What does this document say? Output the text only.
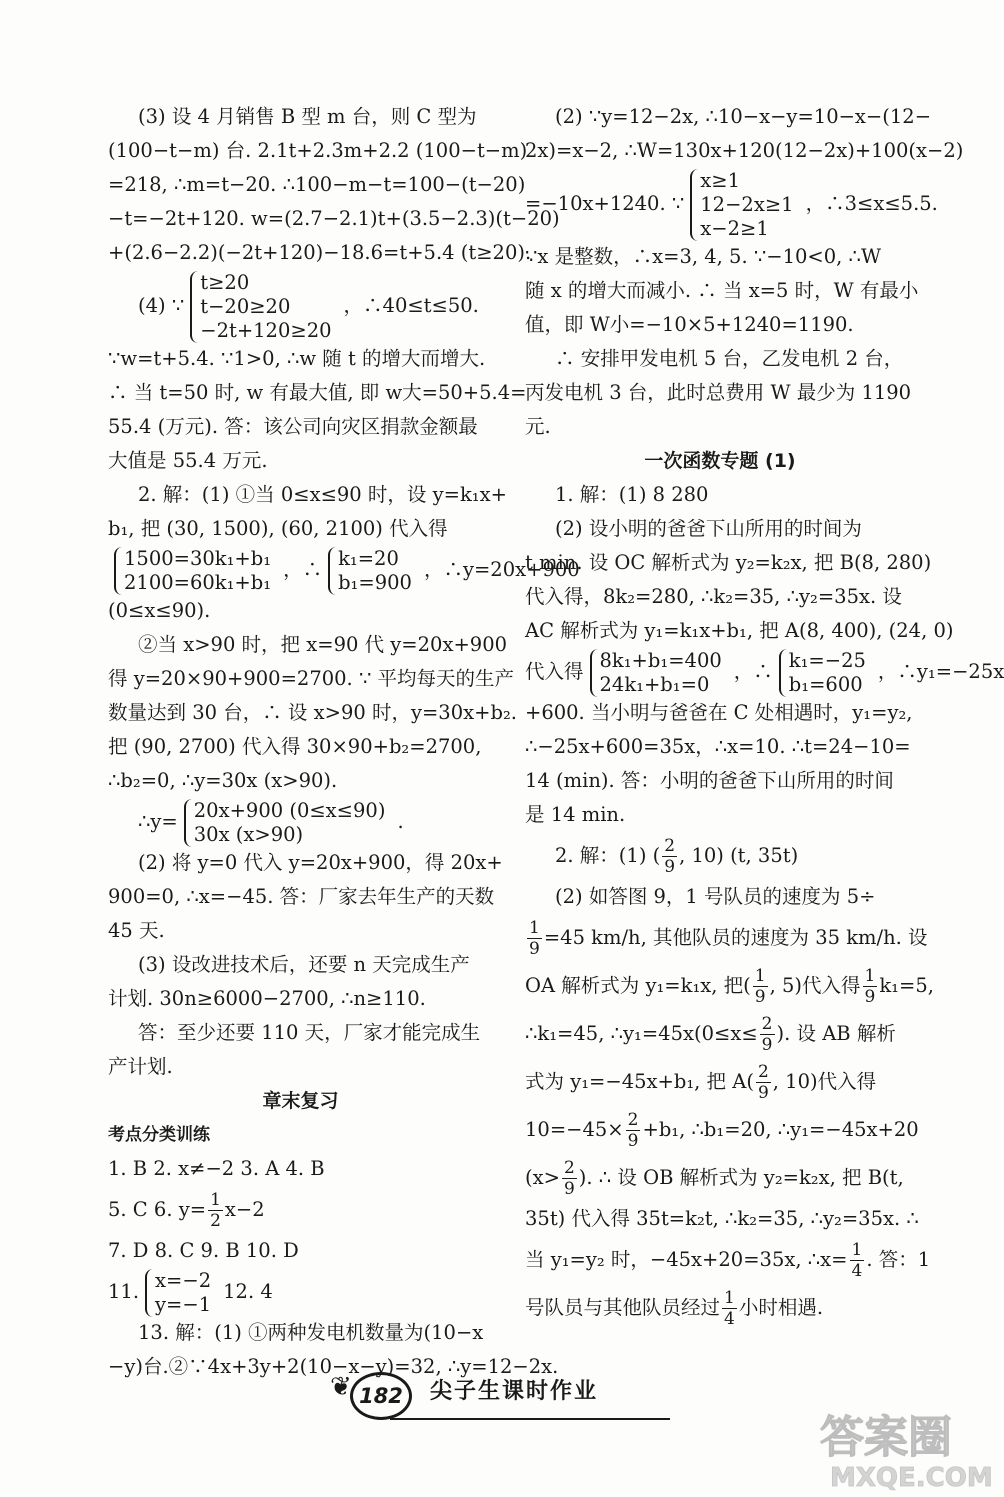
(3) 设 4 月销售 B 型 m 台，则 C 型为
(100−t−m) 台. 2.1t+2.3m+2.2 (100−t−m)
=218, ∴m=t−20. ∴100−m−t=100−(t−20)
−t=−2t+120. w=(2.7−2.1)t+(3.5−2.3)(t−20)
+(2.6−2.2)(−2t+120)−18.6=t+5.4 (t≥20).
(4) ∵
t≥20
t−20≥20
−2t+120≥20
，∴40≤t≤50.
∵w=t+5.4. ∵1>0, ∴w 随 t 的增大而增大.
∴ 当 t=50 时, w 有最大值, 即 w大=50+5.4=
55.4 (万元). 答：该公司向灾区捐款金额最
大值是 55.4 万元.
2. 解：(1) ①当 0≤x≤90 时，设 y=k₁x+
b₁, 把 (30, 1500), (60, 2100) 代入得
1500=30k₁+b₁
2100=60k₁+b₁
，∴ k₁=20
b₁=900
，∴y=20x+900
(0≤x≤90).
②当 x>90 时，把 x=90 代 y=20x+900
得 y=20×90+900=2700. ∵ 平均每天的生产
数量达到 30 台，∴ 设 x>90 时，y=30x+b₂.
把 (90, 2700) 代入得 30×90+b₂=2700,
∴b₂=0, ∴y=30x (x>90).
∴y= 20x+900 (0≤x≤90)
30x (x>90)
.
(2) 将 y=0 代入 y=20x+900，得 20x+
900=0, ∴x=−45. 答：厂家去年生产的天数
45 天.
(3) 设改进技术后，还要 n 天完成生产
计划. 30n≥6000−2700, ∴n≥110.
答：至少还要 110 天，厂家才能完成生
产计划.
章末复习
考点分类训练
1. B 2. x≠−2 3. A 4. B
5. C 6. $y= \frac{1}{2} x-2$
7. D 8. C 9. B 10. D
11. x=−2
y=−1
12. 4
13. 解：(1) ①两种发电机数量为(10−x
−y)台.②∵4x+3y+2(10−x−y)=32, ∴y=12−2x.
(2) ∵y=12−2x, ∴10−x−y=10−x−(12−
2x)=x−2, ∴W=130x+120(12−2x)+100(x−2)
=−10x+1240. ∵
x≥1
12−2x≥1
x−2≥1
，∴3≤x≤5.5.
∵x 是整数，∴x=3, 4, 5. ∵−10<0, ∴W
随 x 的增大而减小. ∴ 当 x=5 时，W 有最小
值，即 W小=−10×5+1240=1190.
∴ 安排甲发电机 5 台，乙发电机 2 台，
丙发电机 3 台，此时总费用 W 最少为 1190
元.
一次函数专题 (1)
1. 解：(1) 8 280
(2) 设小明的爸爸下山所用的时间为
t min. 设 OC 解析式为 y₂=k₂x, 把 B(8, 280)
代入得，8k₂=280, ∴k₂=35, ∴y₂=35x. 设
AC 解析式为 y₁=k₁x+b₁, 把 A(8, 400), (24, 0)
代入得 8k₁+b₁=400
24k₁+b₁=0
，∴ k₁=−25
b₁=600
，∴y₁=−25x
+600. 当小明与爸爸在 C 处相遇时，y₁=y₂,
∴−25x+600=35x，∴x=10. ∴t=24−10=
14 (min). 答：小明的爸爸下山所用的时间
是 14 min.
2. 解：(1) ( $\frac{2}{9}$ , 10) (t, 35t)
(2) 如答图 9，1 号队员的速度为 5÷
$\frac{1}{9} =45$ km/h, 其他队员的速度为 35 km/h. 设
OA 解析式为 y₁=k₁x, 把( $\frac{1}{9}$ , 5)代入得 $\frac{1}{9} k_1=5$,
∴k₁=45, ∴y₁=45x(0≤x≤ $\frac{2}{9}$ ). 设 AB 解析
式为 y₁=−45x+b₁, 把 $A( \frac{2}{9}$ , 10)代入得
$10=-45\times \frac{2}{9} +b_1$, ∴b₁=20, ∴y₁=−45x+20
($x> \frac{2}{9}$ ). ∴ 设 OB 解析式为 y₂=k₂x, 把 B(t,
35t) 代入得 35t=k₂t, ∴k₂=35, ∴y₂=35x. ∴
当 y₁=y₂ 时，−45x+20=35x, ∴x= $\frac{1}{4}$ . 答：1
号队员与其他队员经过 $\frac{1}{4}$ 小时相遇.
❦ 182	尖子生课时作业
答案圈
MXQE.COM
